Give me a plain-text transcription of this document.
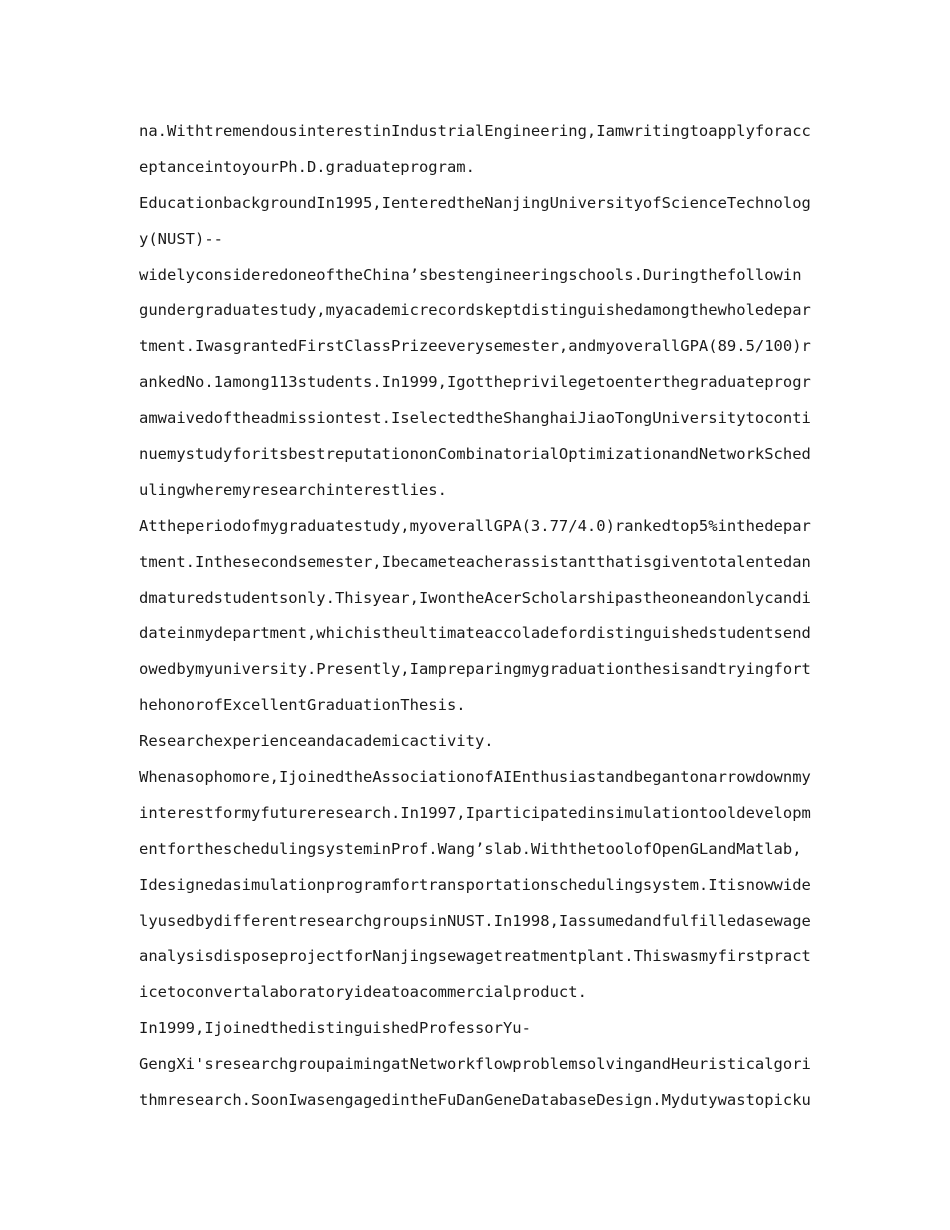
na.WithtremendousinterestinIndustrialEngineering,Iamwritingtoapplyforacc
eptanceintoyourPh.D.graduateprogram.
EducationbackgroundIn1995,IenteredtheNanjingUniversityofScienceTechnolog
y(NUST)--
widelyconsideredoneoftheChina’sbestengineeringschools.Duringthefollowin
gundergraduatestudy,myacademicrecordskeptdistinguishedamongthewholedepar
tment.IwasgrantedFirstClassPrizeeverysemester,andmyoverallGPA(89.5/100)r
ankedNo.1among113students.In1999,Igottheprivilegetoenterthegraduateprogr
amwaivedoftheadmissiontest.IselectedtheShanghaiJiaoTongUniversitytoconti
nuemystudyforitsbestreputationonCombinatorialOptimizationandNetworkSched
ulingwheremyresearchinterestlies.
Attheperiodofmygraduatestudy,myoverallGPA(3.77/4.0)rankedtop5%inthedepar
tment.Inthesecondsemester,Ibecameteacherassistantthatisgiventotalentedan
dmaturedstudentsonly.Thisyear,IwontheAcerScholarshipastheoneandonlycandi
dateinmydepartment,whichistheultimateaccoladefordistinguishedstudentsend
owedbymyuniversity.Presently,Iampreparingmygraduationthesisandtryingfort
hehonorofExcellentGraduationThesis.
Researchexperienceandacademicactivity.
Whenasophomore,IjoinedtheAssociationofAIEnthusiastandbegantonarrowdownmy
interestformyfutureresearch.In1997,Iparticipatedinsimulationtooldevelopm
entfortheschedulingsysteminProf.Wang’slab.WiththetoolofOpenGLandMatlab,
Idesignedasimulationprogramfortransportationschedulingsystem.Itisnowwide
lyusedbydifferentresearchgroupsinNUST.In1998,Iassumedandfulfilledasewage
analysisdisposeprojectforNanjingsewagetreatmentplant.Thiswasmyfirstpract
icetoconvertalaboratoryideatoacommercialproduct.
In1999,IjoinedthedistinguishedProfessorYu-
GengXi'sresearchgroupaimingatNetworkflowproblemsolvingandHeuristicalgori
thmresearch.SoonIwasengagedintheFuDanGeneDatabaseDesign.Mydutywastopicku
